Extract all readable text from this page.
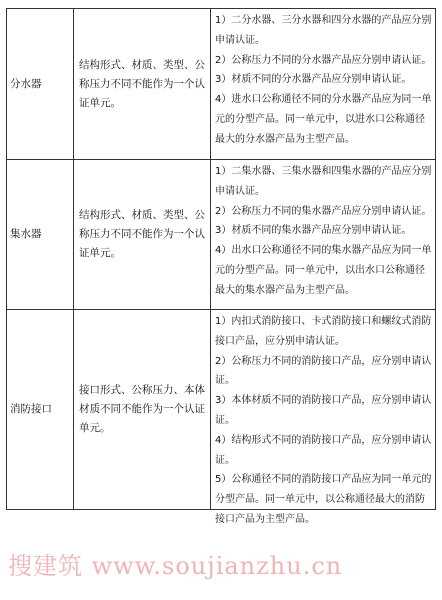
分水器
结构形式、材质、类型、公称压力不同不能作为一个认证单元。

1）二分水器、三分水器和四分水器的产品应分别申请认证。

2）公称压力不同的分水器产品应分别申请认证。

3）材质不同的分水器产品应分别申请认证。

4）进水口公称通径不同的分水器产品应为同一单元的分型产品。同一单元中，以进水口公称通径最大的分水器产品为主型产品。

集水器
结构形式、材质、类型、公称压力不同不能作为一个认证单元。

1）二集水器、三集水器和四集水器的产品应分别申请认证。

2）公称压力不同的集水器产品应分别申请认证。

3）材质不同的集水器产品应分别申请认证。

4）出水口公称通径不同的集水器产品应为同一单元的分型产品。同一单元中，以出水口公称通径最大的集水器产品为主型产品。

消防接口
接口形式、公称压力、本体材质不同不能作为一个认证单元。

1）内扣式消防接口、卡式消防接口和螺纹式消防接口产品，应分别申请认证。

2）公称压力不同的消防接口产品，应分别申请认证。

3）本体材质不同的消防接口产品，应分别申请认证。

4）结构形式不同的消防接口产品，应分别申请认证。

5）公称通径不同的消防接口产品应为同一单元的分型产品。同一单元中，以公称通径最大的消防接口产品为主型产品。

搜建筑 www.soujianzhu.cn
